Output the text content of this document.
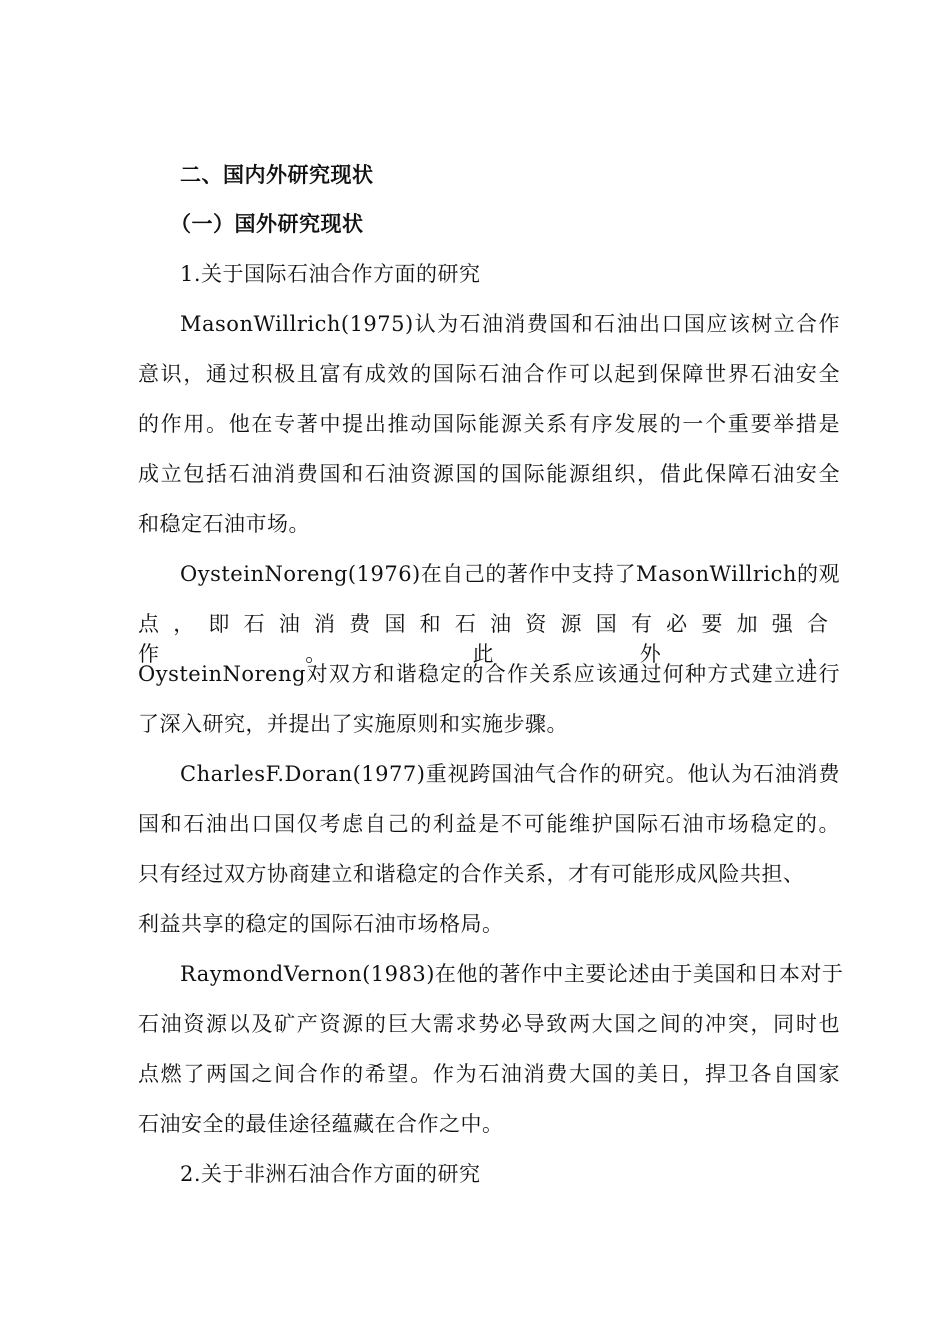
二、国内外研究现状
（一）国外研究现状
1.关于国际石油合作方面的研究
MasonWillrich(1975)认为石油消费国和石油出口国应该树立合作
意识，通过积极且富有成效的国际石油合作可以起到保障世界石油安全
的作用。他在专著中提出推动国际能源关系有序发展的一个重要举措是
成立包括石油消费国和石油资源国的国际能源组织，借此保障石油安全
和稳定石油市场。
OysteinNoreng(1976)在自己的著作中支持了MasonWillrich的观
点，即石油消费国和石油资源国有必要加强合作。此外，
OysteinNoreng对双方和谐稳定的合作关系应该通过何种方式建立进行
了深入研究，并提出了实施原则和实施步骤。
CharlesF.Doran(1977)重视跨国油气合作的研究。他认为石油消费
国和石油出口国仅考虑自己的利益是不可能维护国际石油市场稳定的。
只有经过双方协商建立和谐稳定的合作关系，才有可能形成风险共担、
利益共享的稳定的国际石油市场格局。
RaymondVernon(1983)在他的著作中主要论述由于美国和日本对于
石油资源以及矿产资源的巨大需求势必导致两大国之间的冲突，同时也
点燃了两国之间合作的希望。作为石油消费大国的美日，捍卫各自国家
石油安全的最佳途径蕴藏在合作之中。
2.关于非洲石油合作方面的研究
